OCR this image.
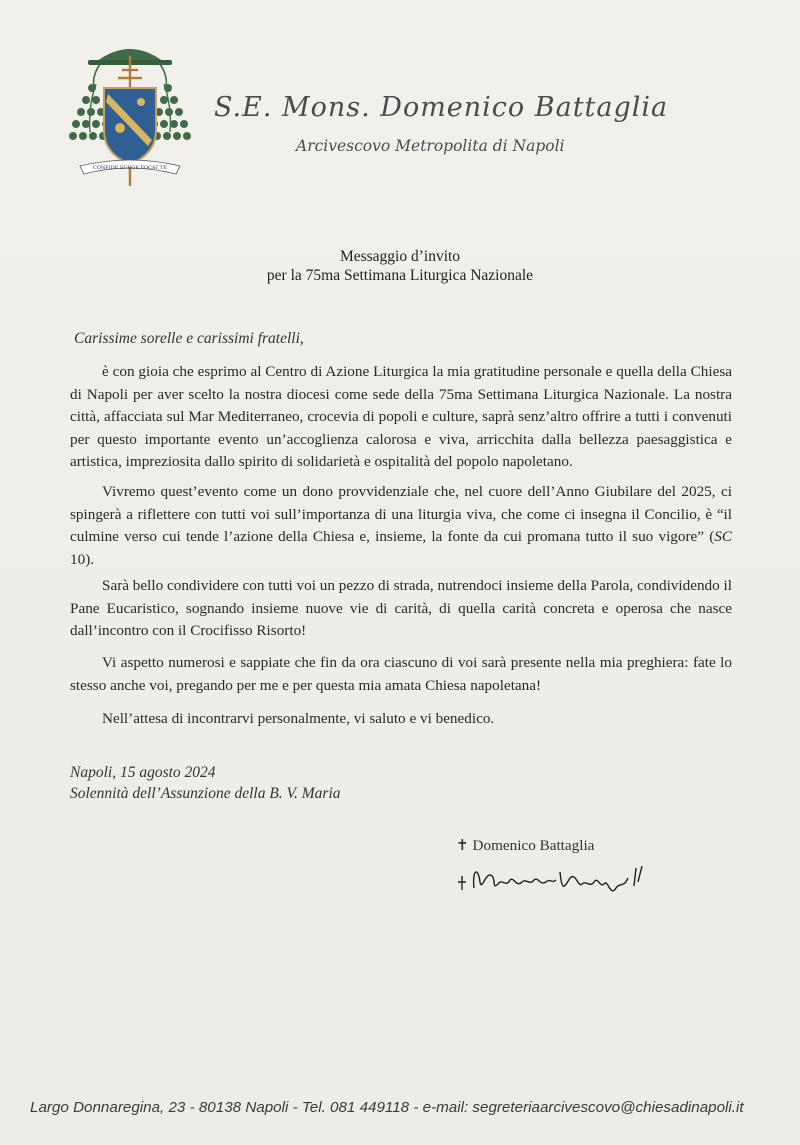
CONFIDE SURGE VOCAT TE
S.E. Mons. Domenico Battaglia
Arcivescovo Metropolita di Napoli
Messaggio d’invito
per la 75ma Settimana Liturgica Nazionale
Carissime sorelle e carissimi fratelli,

è con gioia che esprimo al Centro di Azione Liturgica la mia gratitudine personale e quella della Chiesa di Napoli per aver scelto la nostra diocesi come sede della 75ma Settimana Liturgica Nazionale. La nostra città, affacciata sul Mar Mediterraneo, crocevia di popoli e culture, saprà senz’altro offrire a tutti i convenuti per questo importante evento un’accoglienza calorosa e viva, arricchita dalla bellezza paesaggistica e artistica, impreziosita dallo spirito di solidarietà e ospitalità del popolo napoletano.

Vivremo quest’evento come un dono provvidenziale che, nel cuore dell’Anno Giubilare del 2025, ci spingerà a riflettere con tutti voi sull’importanza di una liturgia viva, che come ci insegna il Concilio, è “il culmine verso cui tende l’azione della Chiesa e, insieme, la fonte da cui promana tutto il suo vigore” (SC 10).

Sarà bello condividere con tutti voi un pezzo di strada, nutrendoci insieme della Parola, condividendo il Pane Eucaristico, sognando insieme nuove vie di carità, di quella carità concreta e operosa che nasce dall’incontro con il Crocifisso Risorto!

Vi aspetto numerosi e sappiate che fin da ora ciascuno di voi sarà presente nella mia preghiera: fate lo stesso anche voi, pregando per me e per questa mia amata Chiesa napoletana!

Nell’attesa di incontrarvi personalmente, vi saluto e vi benedico.

Napoli, 15 agosto 2024
Solennità dell’Assunzione della B. V. Maria
✝ Domenico Battaglia
Largo Donnaregina, 23 - 80138 Napoli - Tel. 081 449118 - e-mail: segreteriaarcivescovo@chiesadinapoli.it
